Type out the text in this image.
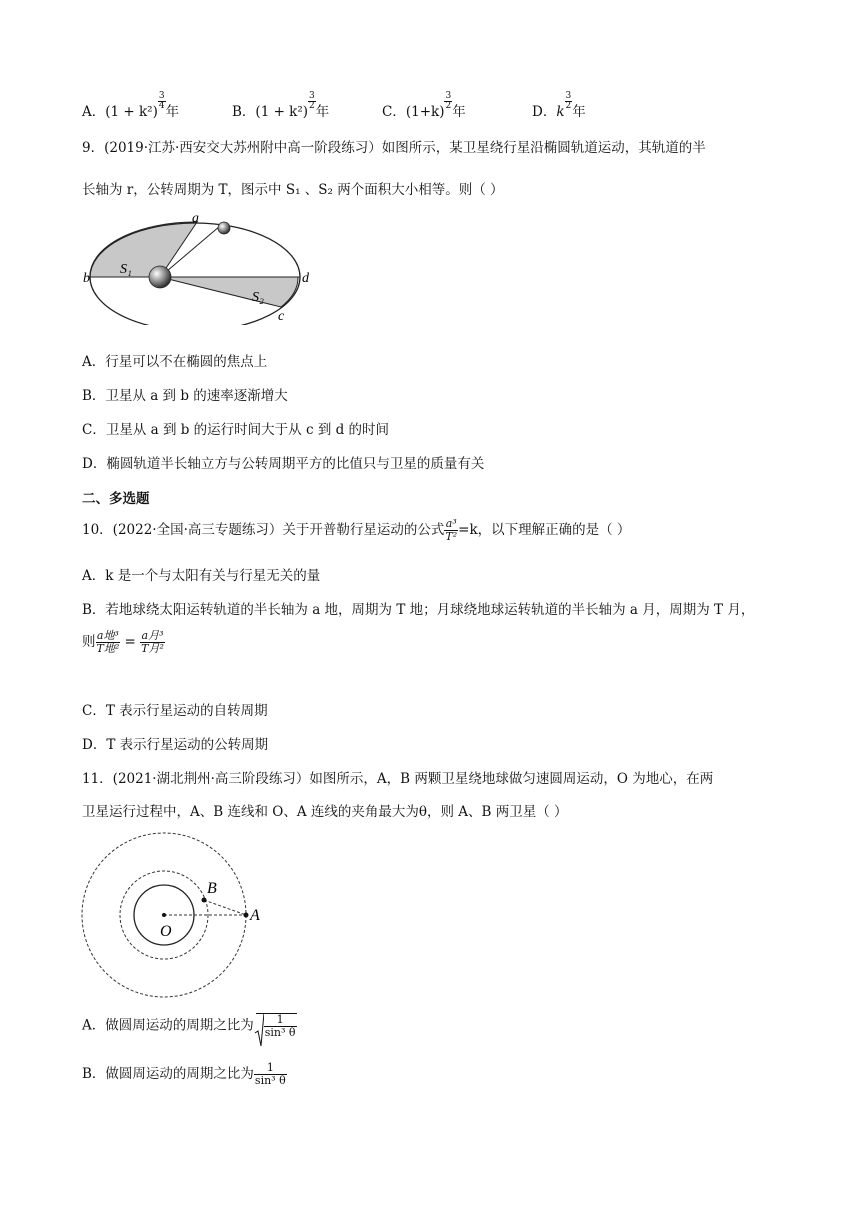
A．(1 + k²)
$\frac{3}{4}$
年	B．(1 + k²)
$\frac{3}{2}$
年	C．(1+k)
$\frac{3}{2}$
年	D．k
$\frac{3}{2}$
年
9．(2019·江苏·西安交大苏州附中高一阶段练习）如图所示，某卫星绕行星沿椭圆轨道运动，其轨道的半
长轴为 r，公转周期为 T，图示中 S₁ 、S₂ 两个面积大小相等。则（ ）
a
b
c
d
S₁
S₂
A．行星可以不在椭圆的焦点上
B．卫星从 a 到 b 的速率逐渐增大
C．卫星从 a 到 b 的运行时间大于从 c 到 d 的时间
D．椭圆轨道半长轴立方与公转周期平方的比值只与卫星的质量有关
二、多选题
10．(2022·全国·高三专题练习）关于开普勒行星运动的公式 $\frac{\text{a³}}{\text{T²}} =k$，以下理解正确的是（ ）
A．k 是一个与太阳有关与行星无关的量
B．若地球绕太阳运转轨道的半长轴为 a 地，周期为 T 地；月球绕地球运转轨道的半长轴为 a 月，周期为 T 月，
则 $\frac{\text{a地³}}{\text{T地²}} = \frac{\text{a月³}}{\text{T月²}}$
C．T 表示行星运动的自转周期
D．T 表示行星运动的公转周期
11．(2021·湖北荆州·高三阶段练习）如图所示，A，B 两颗卫星绕地球做匀速圆周运动，O 为地心，在两
卫星运行过程中，A、B 连线和 O、A 连线的夹角最大为θ，则 A、B 两卫星（ ）
O
A
B
A．做圆周运动的周期之比为 $\frac{1}{\text{sin³ θ}}$
B．做圆周运动的周期之比为 $\frac{1}{\text{sin³ θ}}$
